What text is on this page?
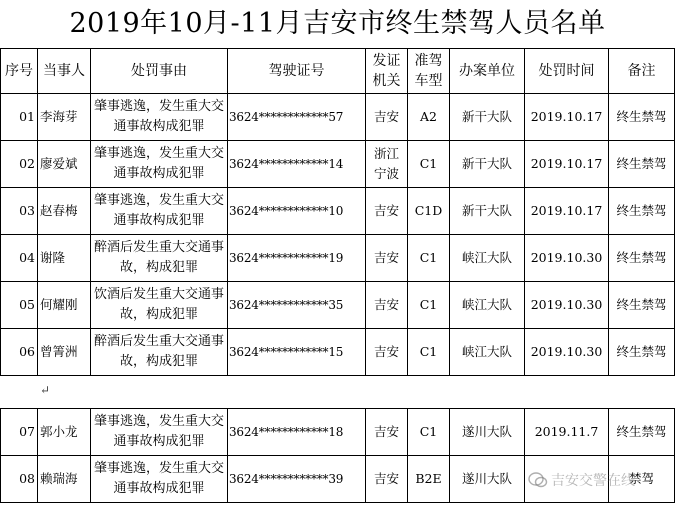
2019年10月-11月吉安市终生禁驾人员名单
序号	当事人	处罚事由	驾驶证号	发证机关	准驾车型	办案单位	处罚时间	备注
01	李海芽	肇事逃逸，发生重大交通事故构成犯罪	3624************57	吉安	A2	新干大队	2019.10.17	终生禁驾
02	廖爱斌	肇事逃逸，发生重大交通事故构成犯罪	3624************14	浙江宁波	C1	新干大队	2019.10.17	终生禁驾
03	赵春梅	肇事逃逸，发生重大交通事故构成犯罪	3624************10	吉安	C1D	新干大队	2019.10.17	终生禁驾
04	谢隆	醉酒后发生重大交通事故，构成犯罪	3624************19	吉安	C1	峡江大队	2019.10.30	终生禁驾
05	何耀刚	饮酒后发生重大交通事故，构成犯罪	3624************35	吉安	C1	峡江大队	2019.10.30	终生禁驾
06	曾箐洲	醉酒后发生重大交通事故，构成犯罪	3624************15	吉安	C1	峡江大队	2019.10.30	终生禁驾
↵
07	郭小龙	肇事逃逸，发生重大交通事故构成犯罪	3624************18	吉安	C1	遂川大队	2019.11.7	终生禁驾
08	赖瑞海	肇事逃逸，发生重大交通事故构成犯罪	3624************39	吉安	B2E	遂川大队		禁驾
吉安交警在线
